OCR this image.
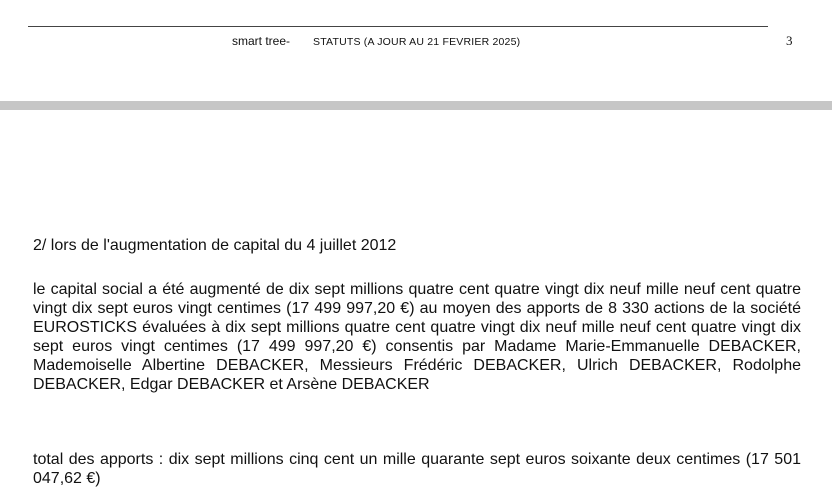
smart tree- STATUTS (A JOUR AU 21 FEVRIER 2025)	3

2/ lors de l'augmentation de capital du 4 juillet 2012

le capital social a été augmenté de dix sept millions quatre cent quatre vingt dix neuf mille neuf cent quatre vingt dix sept euros vingt centimes (17 499 997,20 €) au moyen des apports de 8 330 actions de la société EUROSTICKS évaluées à dix sept millions quatre cent quatre vingt dix neuf mille neuf cent quatre vingt dix sept euros vingt centimes (17 499 997,20 €) consentis par Madame Marie-Emmanuelle DEBACKER, Mademoiselle Albertine DEBACKER, Messieurs Frédéric DEBACKER, Ulrich DEBACKER, Rodolphe DEBACKER, Edgar DEBACKER et Arsène DEBACKER

total des apports : dix sept millions cinq cent un mille quarante sept euros soixante deux centimes (17 501 047,62 €)
